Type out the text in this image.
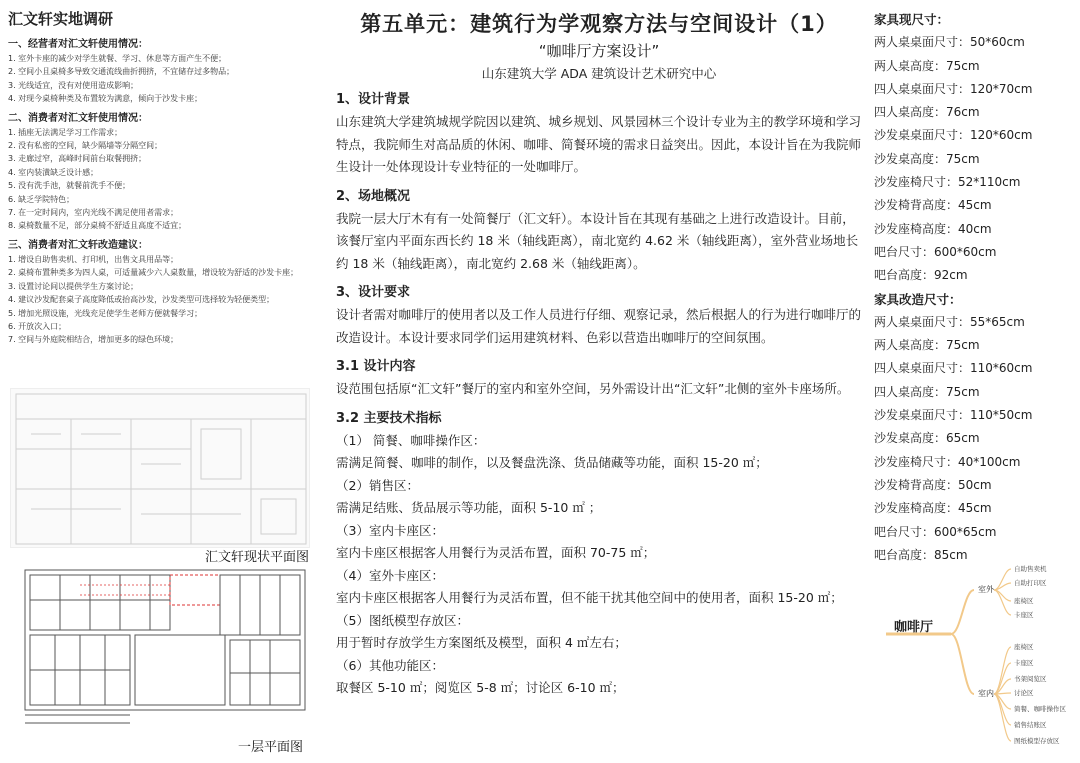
汇文轩实地调研
一、经营者对汇文轩使用情况：
1. 室外卡座的减少对学生就餐、学习、休息等方面产生不便；
2. 空间小且桌椅多导致交通流线曲折拥挤，不宜储存过多物品；
3. 光线适宜，没有对使用造成影响；
4. 对现今桌椅种类及布置较为满意，倾向于沙发卡座；
二、消费者对汇文轩使用情况：
1. 插座无法满足学习工作需求；
2. 没有私密的空间，缺少隔墙等分隔空间；
3. 走廊过窄，高峰时间前台取餐拥挤；
4. 室内装潢缺乏设计感；
5. 没有洗手池，就餐前洗手不便；
6. 缺乏学院特色；
7. 在一定时间内，室内光线不满足使用者需求；
8. 桌椅数量不足，部分桌椅不舒适且高度不适宜；
三、消费者对汇文轩改造建议：
1. 增设自助售卖机、打印机，出售文具用品等；
2. 桌椅布置种类多为四人桌，可适量减少六人桌数量，增设较为舒适的沙发卡座；
3. 设置讨论间以提供学生方案讨论；
4. 建议沙发配套桌子高度降低或抬高沙发，沙发类型可选择较为轻便类型；
5. 增加光照设施，光线充足使学生老师方便就餐学习；
6. 开放次入口；
7. 空间与外庭院相结合，增加更多的绿色环境；
汇文轩现状平面图
一层平面图
第五单元：建筑行为学观察方法与空间设计（1）
“咖啡厅方案设计”
山东建筑大学 ADA 建筑设计艺术研究中心
1、设计背景
山东建筑大学建筑城规学院因以建筑、城乡规划、风景园林三个设计专业为主的教学环境和学习特点，我院师生对高品质的休闲、咖啡、简餐环境的需求日益突出。因此，本设计旨在为我院师生设计一处体现设计专业特征的一处咖啡厅。
2、场地概况
我院一层大厅木有有一处简餐厅（汇文轩）。本设计旨在其现有基础之上进行改造设计。目前，该餐厅室内平面东西长约 18 米（轴线距离），南北宽约 4.62 米（轴线距离），室外营业场地长约 18 米（轴线距离），南北宽约 2.68 米（轴线距离）。
3、设计要求
设计者需对咖啡厅的使用者以及工作人员进行仔细、观察记录，然后根据人的行为进行咖啡厅的改造设计。本设计要求同学们运用建筑材料、色彩以营造出咖啡厅的空间氛围。
3.1 设计内容
设范围包括原“汇文轩”餐厅的室内和室外空间，另外需设计出“汇文轩”北侧的室外卡座场所。
3.2 主要技术指标
（1） 简餐、咖啡操作区：
需满足简餐、咖啡的制作，以及餐盘洗涤、货品储藏等功能，面积 15-20 ㎡；
（2）销售区：
需满足结账、货品展示等功能，面积 5-10 ㎡ ；
（3）室内卡座区：
室内卡座区根据客人用餐行为灵活布置，面积 70-75 ㎡；
（4）室外卡座区：
室内卡座区根据客人用餐行为灵活布置，但不能干扰其他空间中的使用者，面积 15-20 ㎡；
（5）图纸模型存放区：
用于暂时存放学生方案图纸及模型，面积 4 ㎡左右；
（6）其他功能区：
取餐区 5-10 ㎡；阅览区 5-8 ㎡；讨论区 6-10 ㎡；
家具现尺寸：
两人桌桌面尺寸：50*60cm
两人桌高度：75cm
四人桌桌面尺寸：120*70cm
四人桌高度：76cm
沙发桌桌面尺寸：120*60cm
沙发桌高度：75cm
沙发座椅尺寸：52*110cm
沙发椅背高度：45cm
沙发座椅高度：40cm
吧台尺寸：600*60cm
吧台高度：92cm
家具改造尺寸：
两人桌桌面尺寸：55*65cm
两人桌高度：75cm
四人桌桌面尺寸：110*60cm
四人桌高度：75cm
沙发桌桌面尺寸：110*50cm
沙发桌高度：65cm
沙发座椅尺寸：40*100cm
沙发椅背高度：50cm
沙发座椅高度：45cm
吧台尺寸：600*65cm
吧台高度：85cm
咖啡厅
室外
室内
自助售卖机
自助打印区
座椅区
卡座区
座椅区
卡座区
书架阅览区
讨论区
简餐、咖啡操作区
销售结账区
图纸模型存放区
